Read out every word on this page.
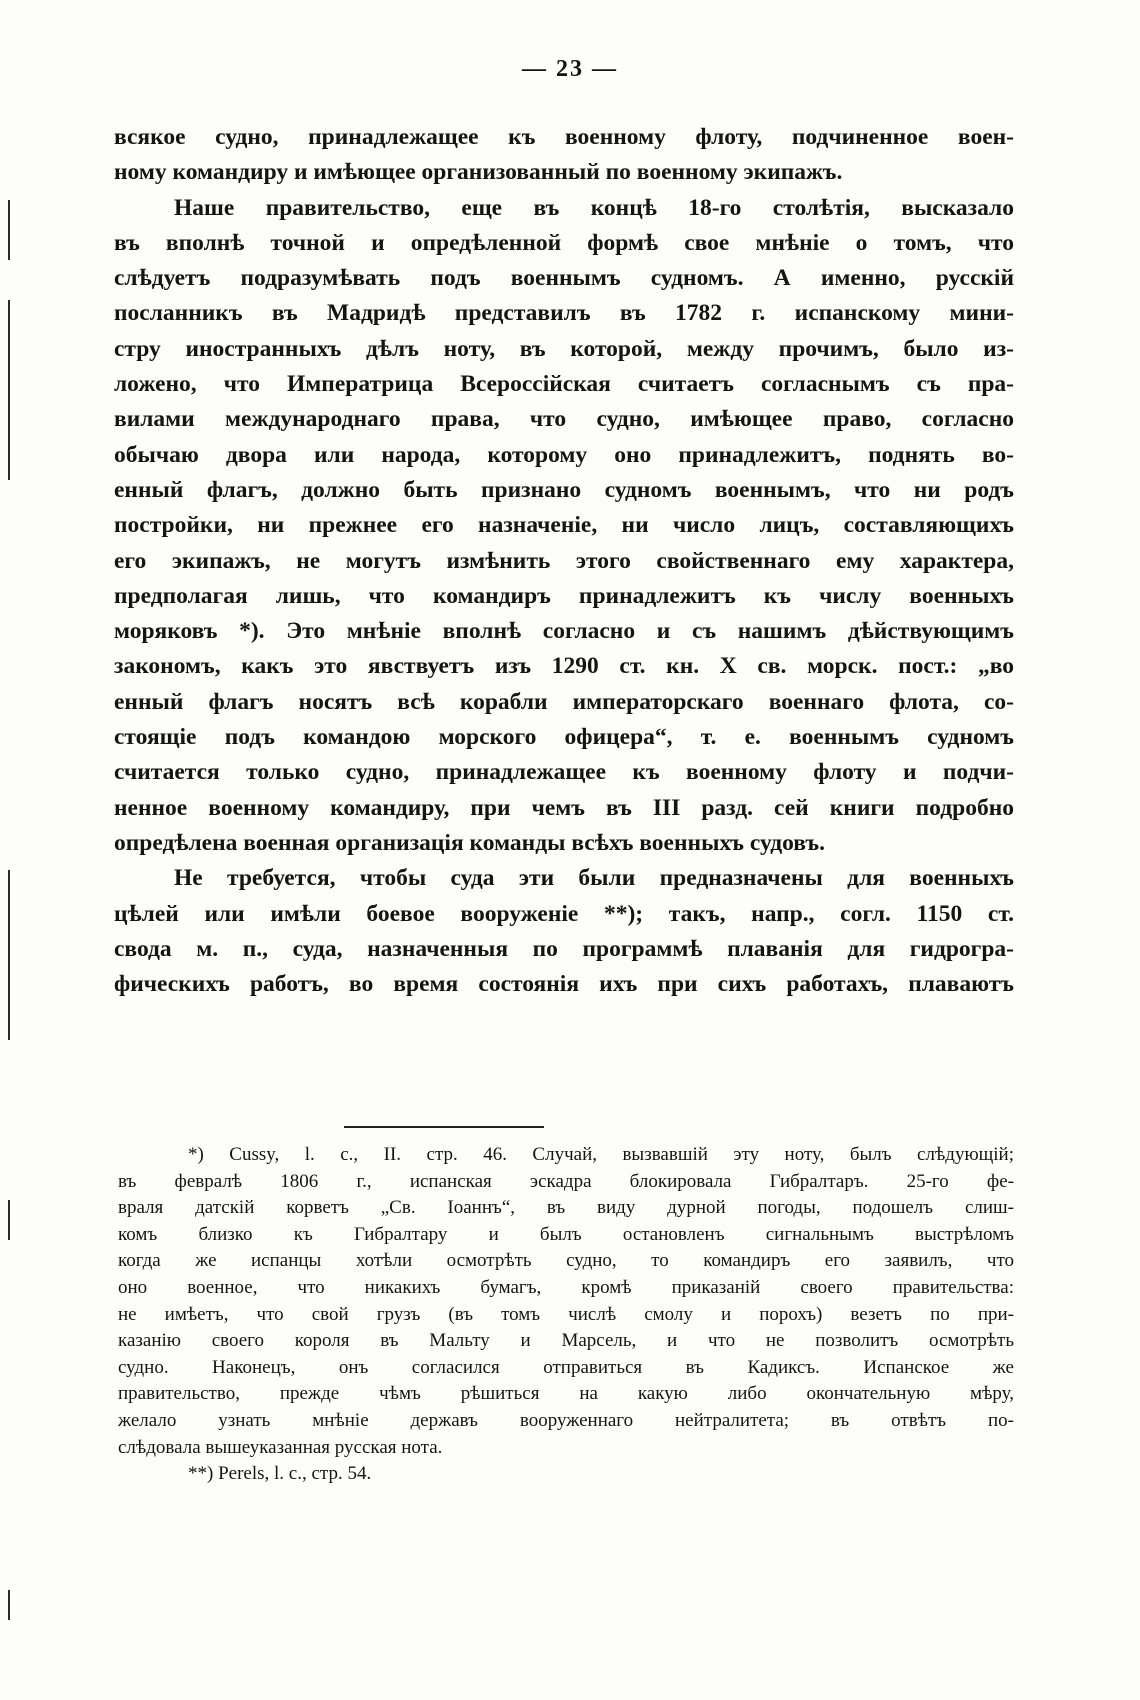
— 23 —
всякое судно, принадлежащее къ военному флоту, подчиненное воен-
ному командиру и имѣющее организованный по военному экипажъ.
Наше правительство, еще въ концѣ 18-го столѣтія, высказало
въ вполнѣ точной и опредѣленной формѣ свое мнѣніе о томъ, что
слѣдуетъ подразумѣвать подъ военнымъ судномъ. А именно, русскій
посланникъ въ Мадридѣ представилъ въ 1782 г. испанскому мини-
стру иностранныхъ дѣлъ ноту, въ которой, между прочимъ, было из-
ложено, что Императрица Всероссійская считаетъ согласнымъ съ пра-
вилами международнаго права, что судно, имѣющее право, согласно
обычаю двора или народа, которому оно принадлежитъ, поднять во-
енный флагъ, должно быть признано судномъ военнымъ, что ни родъ
постройки, ни прежнее его назначеніе, ни число лицъ, составляющихъ
его экипажъ, не могутъ измѣнить этого свойственнаго ему характера,
предполагая лишь, что командиръ принадлежитъ къ числу военныхъ
моряковъ *). Это мнѣніе вполнѣ согласно и съ нашимъ дѣйствующимъ
закономъ, какъ это явствуетъ изъ 1290 ст. кн. X св. морск. пост.: „во
енный флагъ носятъ всѣ корабли императорскаго военнаго флота, со-
стоящіе подъ командою морского офицера“, т. е. военнымъ судномъ
считается только судно, принадлежащее къ военному флоту и подчи-
ненное военному командиру, при чемъ въ III разд. сей книги подробно
опредѣлена военная организація команды всѣхъ военныхъ судовъ.
Не требуется, чтобы суда эти были предназначены для военныхъ
цѣлей или имѣли боевое вооруженіе **); такъ, напр., согл. 1150 ст.
свода м. п., суда, назначенныя по программѣ плаванія для гидрогра-
фическихъ работъ, во время состоянія ихъ при сихъ работахъ, плаваютъ
*) Cussy, l. c., II. стр. 46. Случай, вызвавшій эту ноту, былъ слѣдующій;
въ февралѣ 1806 г., испанская эскадра блокировала Гибралтаръ. 25-го фе-
враля датскій корветъ „Св. Іоаннъ“, въ виду дурной погоды, подошелъ слиш-
комъ близко къ Гибралтару и былъ остановленъ сигнальнымъ выстрѣломъ
когда же испанцы хотѣли осмотрѣть судно, то командиръ его заявилъ, что
оно военное, что никакихъ бумагъ, кромѣ приказаній своего правительства:
не имѣетъ, что свой грузъ (въ томъ числѣ смолу и порохъ) везетъ по при-
казанію своего короля въ Мальту и Марсель, и что не позволитъ осмотрѣть
судно. Наконецъ, онъ согласился отправиться въ Кадиксъ. Испанское же
правительство, прежде чѣмъ рѣшиться на какую либо окончательную мѣру,
желало узнать мнѣніе державъ вооруженнаго нейтралитета; въ отвѣтъ по-
слѣдовала вышеуказанная русская нота.
**) Perels, l. c., стр. 54.
